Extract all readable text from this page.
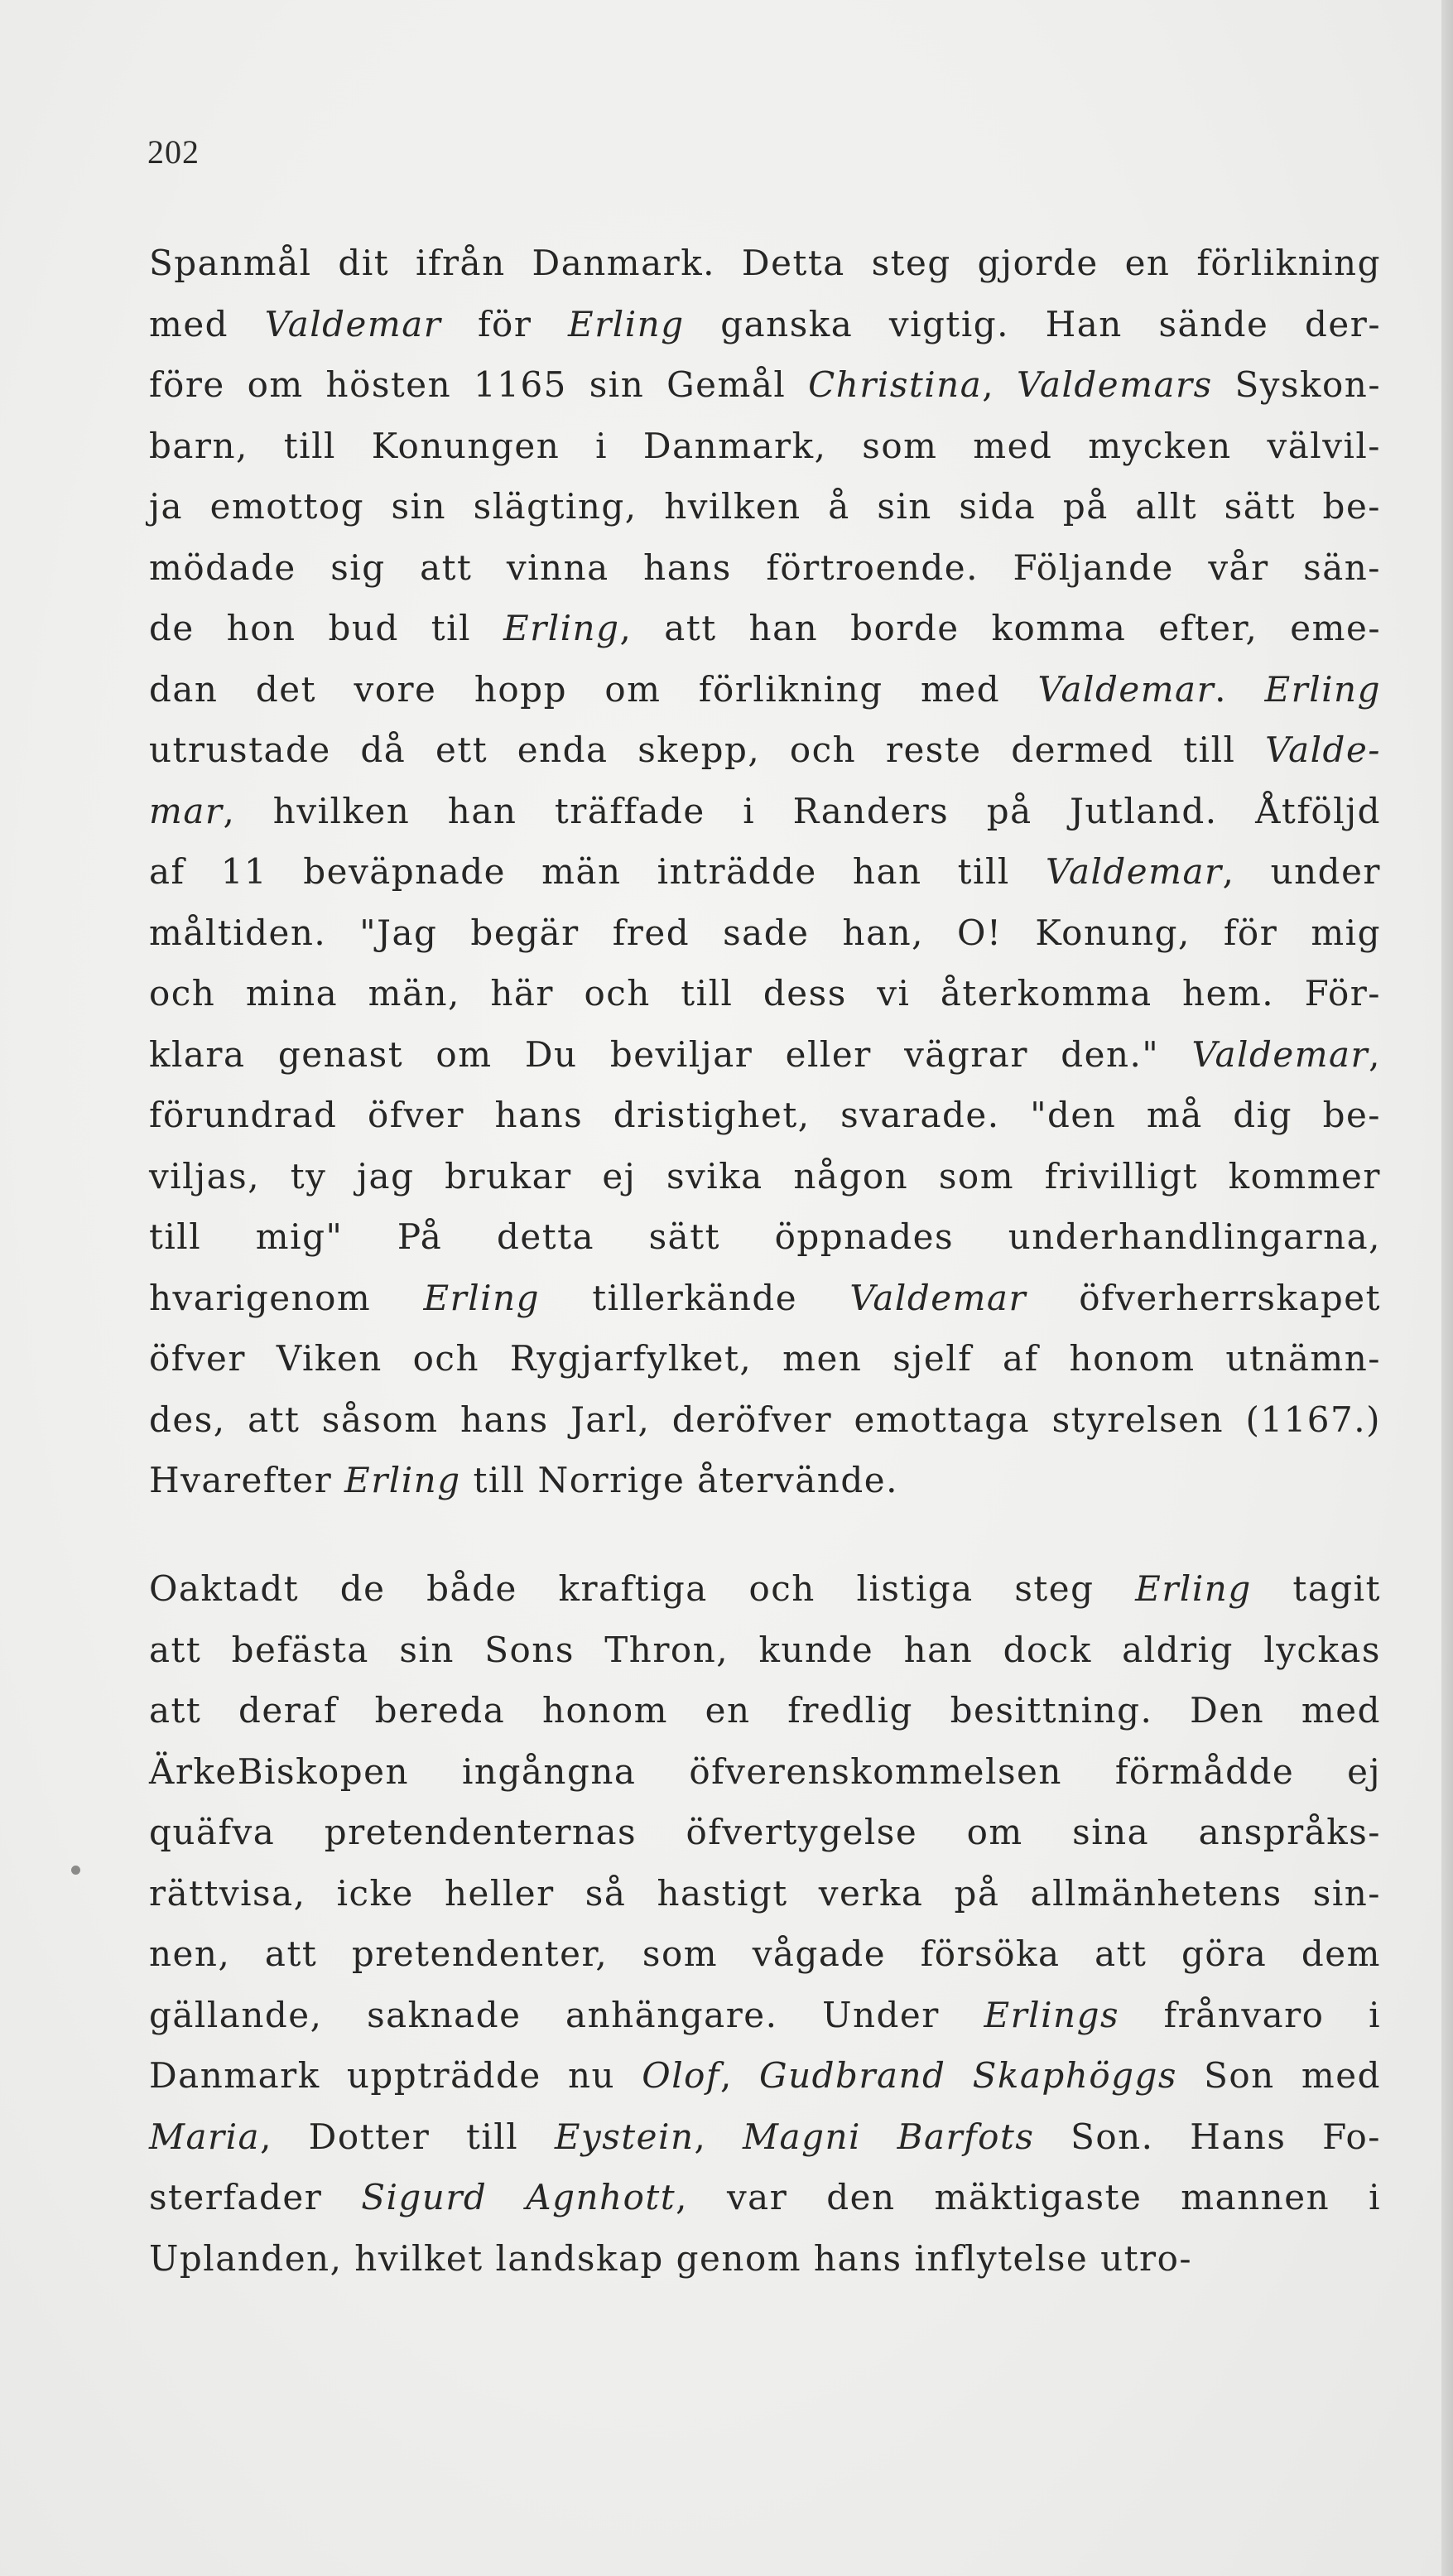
202
Spanmål dit ifrån Danmark. Detta steg gjorde en förlikning
med Valdemar för Erling ganska vigtig. Han sände der-
före om hösten 1165 sin Gemål Christina, Valdemars Syskon-
barn, till Konungen i Danmark, som med mycken välvil-
ja emottog sin slägting, hvilken å sin sida på allt sätt be-
mödade sig att vinna hans förtroende. Följande vår sän-
de hon bud til Erling, att han borde komma efter, eme-
dan det vore hopp om förlikning med Valdemar. Erling
utrustade då ett enda skepp, och reste dermed till Valde-
mar, hvilken han träffade i Randers på Jutland. Åtföljd
af 11 beväpnade män inträdde han till Valdemar, under
måltiden. "Jag begär fred sade han, O! Konung, för mig
och mina män, här och till dess vi återkomma hem. För-
klara genast om Du beviljar eller vägrar den." Valdemar,
förundrad öfver hans dristighet, svarade. "den må dig be-
viljas, ty jag brukar ej svika någon som frivilligt kommer
till mig" På detta sätt öppnades underhandlingarna,
hvarigenom Erling tillerkände Valdemar öfverherrskapet
öfver Viken och Rygjarfylket, men sjelf af honom utnämn-
des, att såsom hans Jarl, deröfver emottaga styrelsen (1167.)
Hvarefter Erling till Norrige återvände.
Oaktadt de både kraftiga och listiga steg Erling tagit
att befästa sin Sons Thron, kunde han dock aldrig lyckas
att deraf bereda honom en fredlig besittning. Den med
ÄrkeBiskopen ingångna öfverenskommelsen förmådde ej
quäfva pretendenternas öfvertygelse om sina anspråks-
rättvisa, icke heller så hastigt verka på allmänhetens sin-
nen, att pretendenter, som vågade försöka att göra dem
gällande, saknade anhängare. Under Erlings frånvaro i
Danmark uppträdde nu Olof, Gudbrand Skaphöggs Son med
Maria, Dotter till Eystein, Magni Barfots Son. Hans Fo-
sterfader Sigurd Agnhott, var den mäktigaste mannen i
Uplanden, hvilket landskap genom hans inflytelse utro-
